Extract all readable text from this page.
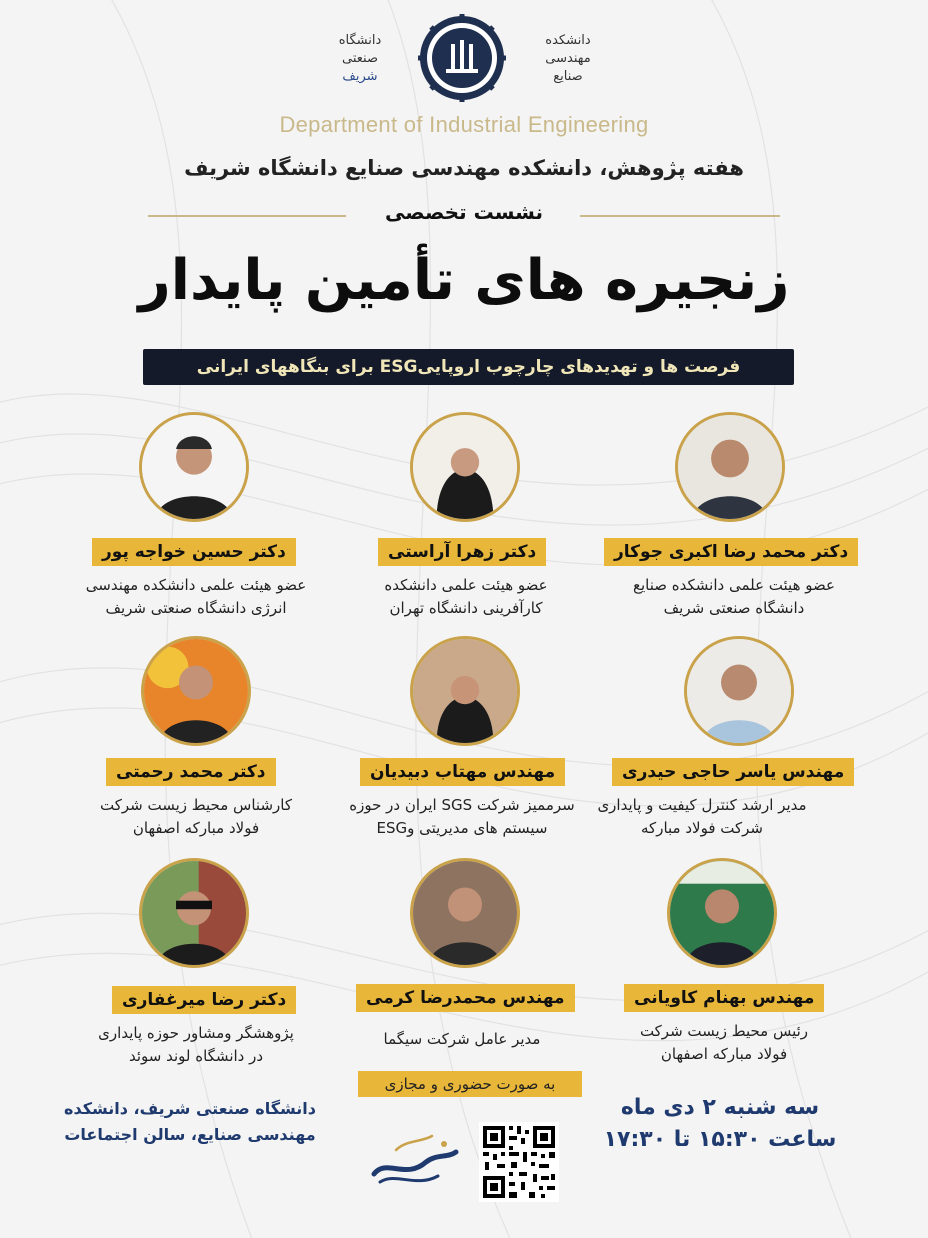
دانشگاه
صنعتی
شریف
دانشکده
مهندسی
صنایع
Department of Industrial Engineering
هفته پژوهش، دانشکده مهندسی صنایع دانشگاه شریف
نشست تخصصی
زنجیره های تأمین پایدار
فرصت ها و تهدیدهای چارچوب اروپاییESG برای بنگاههای ایرانی
دکتر محمد رضا اکبری جوکار
عضو هیئت علمی دانشکده صنایع
دانشگاه صنعتی شریف
دکتر زهرا آراستی
عضو هیئت علمی دانشکده
کارآفرینی دانشگاه تهران
دکتر حسین خواجه پور
عضو هیئت علمی دانشکده مهندسی
انرژی دانشگاه صنعتی شریف
مهندس یاسر حاجی حیدری
مدیر ارشد کنترل کیفیت و پایداری
شرکت فولاد مبارکه
مهندس مهتاب دبیدیان
سرممیز شرکت SGS ایران در حوزه
سیستم های مدیریتی وESG
دکتر محمد رحمتی
کارشناس محیط زیست شرکت
فولاد مبارکه اصفهان
مهندس بهنام کاویانی
رئیس محیط زیست شرکت
فولاد مبارکه اصفهان
مهندس محمدرضا کرمی
مدیر عامل شرکت سیگما
دکتر رضا میرغفاری
پژوهشگر ومشاور حوزه پایداری
در دانشگاه لوند سوئد
به صورت حضوری و مجازی
دانشگاه صنعتی شریف، دانشکده
مهندسی صنایع، سالن اجتماعات
سه شنبه ۲ دی ماه
ساعت ۱۵:۳۰ تا ۱۷:۳۰
